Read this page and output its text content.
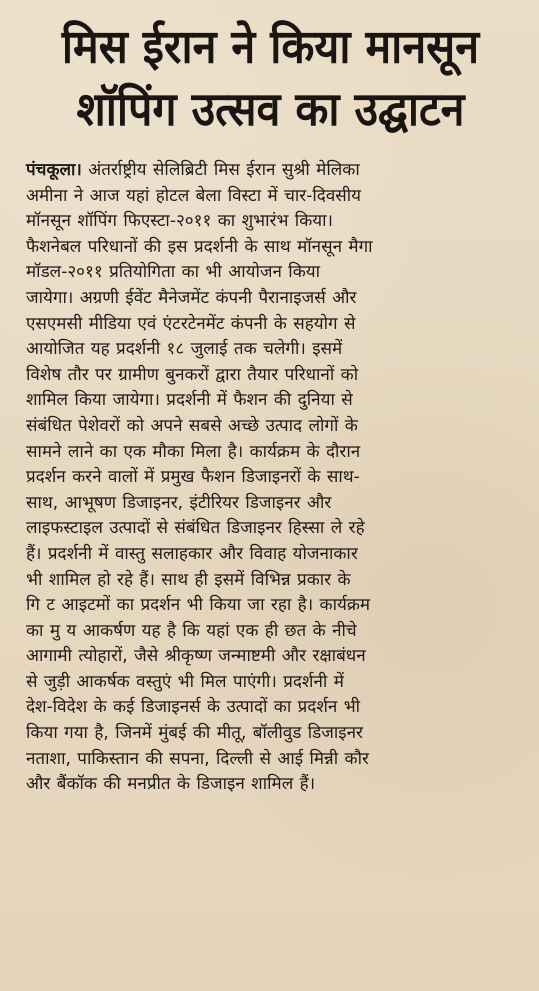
मिस ईरान ने किया मानसून
शॉपिंग उत्सव का उद्घाटन
पंचकूला। अंतर्राष्ट्रीय सेलिब्रिटी मिस ईरान सुश्री मेलिका
अमीना ने आज यहां होटल बेला विस्टा में चार-दिवसीय
मॉनसून शॉपिंग फिएस्टा-२०११ का शुभारंभ किया।
फैशनेबल परिधानों की इस प्रदर्शनी के साथ मॉनसून मैगा
मॉडल-२०११ प्रतियोगिता का भी आयोजन किया
जायेगा। अग्रणी ईवेंट मैनेजमेंट कंपनी पैरानाइजर्स और
एसएमसी मीडिया एवं एंटरटेनमेंट कंपनी के सहयोग से
आयोजित यह प्रदर्शनी १८ जुलाई तक चलेगी। इसमें
विशेष तौर पर ग्रामीण बुनकरों द्वारा तैयार परिधानों को
शामिल किया जायेगा। प्रदर्शनी में फैशन की दुनिया से
संबंधित पेशेवरों को अपने सबसे अच्छे उत्पाद लोगों के
सामने लाने का एक मौका मिला है। कार्यक्रम के दौरान
प्रदर्शन करने वालों में प्रमुख फैशन डिजाइनरों के साथ-
साथ, आभूषण डिजाइनर, इंटीरियर डिजाइनर और
लाइफस्टाइल उत्पादों से संबंधित डिजाइनर हिस्सा ले रहे
हैं। प्रदर्शनी में वास्तु सलाहकार और विवाह योजनाकार
भी शामिल हो रहे हैं। साथ ही इसमें विभिन्न प्रकार के
गि ट आइटमों का प्रदर्शन भी किया जा रहा है। कार्यक्रम
का मु य आकर्षण यह है कि यहां एक ही छत के नीचे
आगामी त्योहारों, जैसे श्रीकृष्ण जन्माष्टमी और रक्षाबंधन
से जुड़ी आकर्षक वस्तुएं भी मिल पाएंगी। प्रदर्शनी में
देश-विदेश के कई डिजाइनर्स के उत्पादों का प्रदर्शन भी
किया गया है, जिनमें मुंबई की मीतू, बॉलीवुड डिजाइनर
नताशा, पाकिस्तान की सपना, दिल्ली से आई मिन्नी कौर
और बैंकॉक की मनप्रीत के डिजाइन शामिल हैं।
